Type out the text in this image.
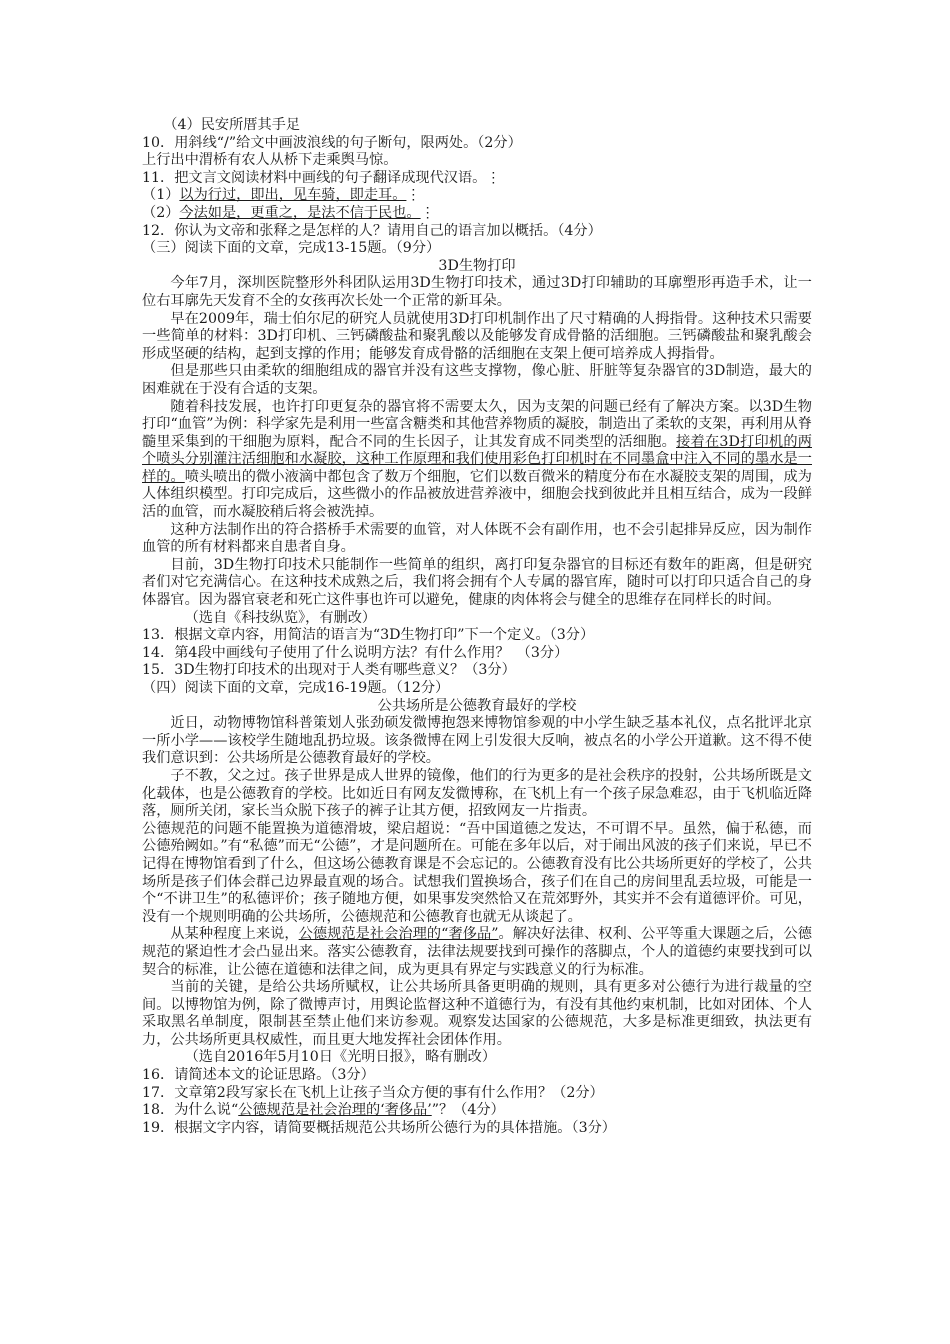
（4）民安所厝其手足
10．用斜线“/”给文中画波浪线的句子断句，限两处。（2分）
上行出中渭桥有农人从桥下走乘舆马惊。
11．把文言文阅读材料中画线的句子翻译成现代汉语。⋮
（1）以为行过，即出，见车骑，即走耳。⋮
（2）今法如是，更重之，是法不信于民也。⋮
12．你认为文帝和张释之是怎样的人？请用自己的语言加以概括。（4分）
（三）阅读下面的文章，完成13-15题。（9分）
3D生物打印
今年7月，深圳医院整形外科团队运用3D生物打印技术，通过3D打印辅助的耳廓塑形再造手术，让一位右耳廓先天发育不全的女孩再次长处一个正常的新耳朵。
早在2009年，瑞士伯尔尼的研究人员就使用3D打印机制作出了尺寸精确的人拇指骨。这种技术只需要一些简单的材料：3D打印机、三钙磷酸盐和聚乳酸以及能够发育成骨骼的活细胞。三钙磷酸盐和聚乳酸会形成坚硬的结构，起到支撑的作用；能够发育成骨骼的活细胞在支架上便可培养成人拇指骨。
但是那些只由柔软的细胞组成的器官并没有这些支撑物，像心脏、肝脏等复杂器官的3D制造，最大的困难就在于没有合适的支架。
随着科技发展，也许打印更复杂的器官将不需要太久，因为支架的问题已经有了解决方案。以3D生物打印“血管”为例：科学家先是利用一些富含糖类和其他营养物质的凝胶，制造出了柔软的支架，再利用从脊髓里采集到的干细胞为原料，配合不同的生长因子，让其发育成不同类型的活细胞。接着在3D打印机的两个喷头分别灌注活细胞和水凝胶，这种工作原理和我们使用彩色打印机时在不同墨盒中注入不同的墨水是一样的。喷头喷出的微小液滴中都包含了数万个细胞，它们以数百微米的精度分布在水凝胶支架的周围，成为人体组织模型。打印完成后，这些微小的作品被放进营养液中，细胞会找到彼此并且相互结合，成为一段鲜活的血管，而水凝胶稍后将会被洗掉。
这种方法制作出的符合搭桥手术需要的血管，对人体既不会有副作用，也不会引起排异反应，因为制作血管的所有材料都来自患者自身。
目前，3D生物打印技术只能制作一些简单的组织，离打印复杂器官的目标还有数年的距离，但是研究者们对它充满信心。在这种技术成熟之后，我们将会拥有个人专属的器官库，随时可以打印只适合自己的身体器官。因为器官衰老和死亡这件事也许可以避免，健康的肉体将会与健全的思维存在同样长的时间。
（选自《科技纵览》，有删改）
13．根据文章内容，用简洁的语言为“3D生物打印”下一个定义。（3分）
14．第4段中画线句子使用了什么说明方法？有什么作用？　（3分）
15．3D生物打印技术的出现对于人类有哪些意义？（3分）
（四）阅读下面的文章，完成16-19题。（12分）
公共场所是公德教育最好的学校
近日，动物博物馆科普策划人张劲硕发微博抱怨来博物馆参观的中小学生缺乏基本礼仪，点名批评北京一所小学——该校学生随地乱扔垃圾。该条微博在网上引发很大反响，被点名的小学公开道歉。这不得不使我们意识到：公共场所是公德教育最好的学校。
子不教，父之过。孩子世界是成人世界的镜像，他们的行为更多的是社会秩序的投射，公共场所既是文化载体，也是公德教育的学校。比如近日有网友发微博称，在飞机上有一个孩子尿急难忍，由于飞机临近降落，厕所关闭，家长当众脱下孩子的裤子让其方便，招致网友一片指责。
公德规范的问题不能置换为道德滑坡，梁启超说：“吾中国道德之发达，不可谓不早。虽然，偏于私德，而公德殆阙如。”有“私德”而无“公德”，才是问题所在。可能在多年以后，对于闹出风波的孩子们来说，早已不记得在博物馆看到了什么，但这场公德教育课是不会忘记的。公德教育没有比公共场所更好的学校了，公共场所是孩子们体会群己边界最直观的场合。试想我们置换场合，孩子们在自己的房间里乱丢垃圾，可能是一个“不讲卫生”的私德评价；孩子随地方便，如果事发突然恰又在荒郊野外，其实并不会有道德评价。可见，没有一个规则明确的公共场所，公德规范和公德教育也就无从谈起了。
从某种程度上来说，公德规范是社会治理的“奢侈品”。解决好法律、权利、公平等重大课题之后，公德规范的紧迫性才会凸显出来。落实公德教育，法律法规要找到可操作的落脚点，个人的道德约束要找到可以契合的标准，让公德在道德和法律之间，成为更具有界定与实践意义的行为标准。
当前的关键，是给公共场所赋权，让公共场所具备更明确的规则，具有更多对公德行为进行裁量的空间。以博物馆为例，除了微博声讨，用舆论监督这种不道德行为，有没有其他约束机制，比如对团体、个人采取黑名单制度，限制甚至禁止他们来访参观。观察发达国家的公德规范，大多是标准更细致，执法更有力，公共场所更具权威性，而且更大地发挥社会团体作用。
（选自2016年5月10日《光明日报》，略有删改）
16．请简述本文的论证思路。（3分）
17．文章第2段写家长在飞机上让孩子当众方便的事有什么作用？（2分）
18．为什么说“公德规范是社会治理的‘奢侈品’”？（4分）
19．根据文字内容，请简要概括规范公共场所公德行为的具体措施。（3分）
